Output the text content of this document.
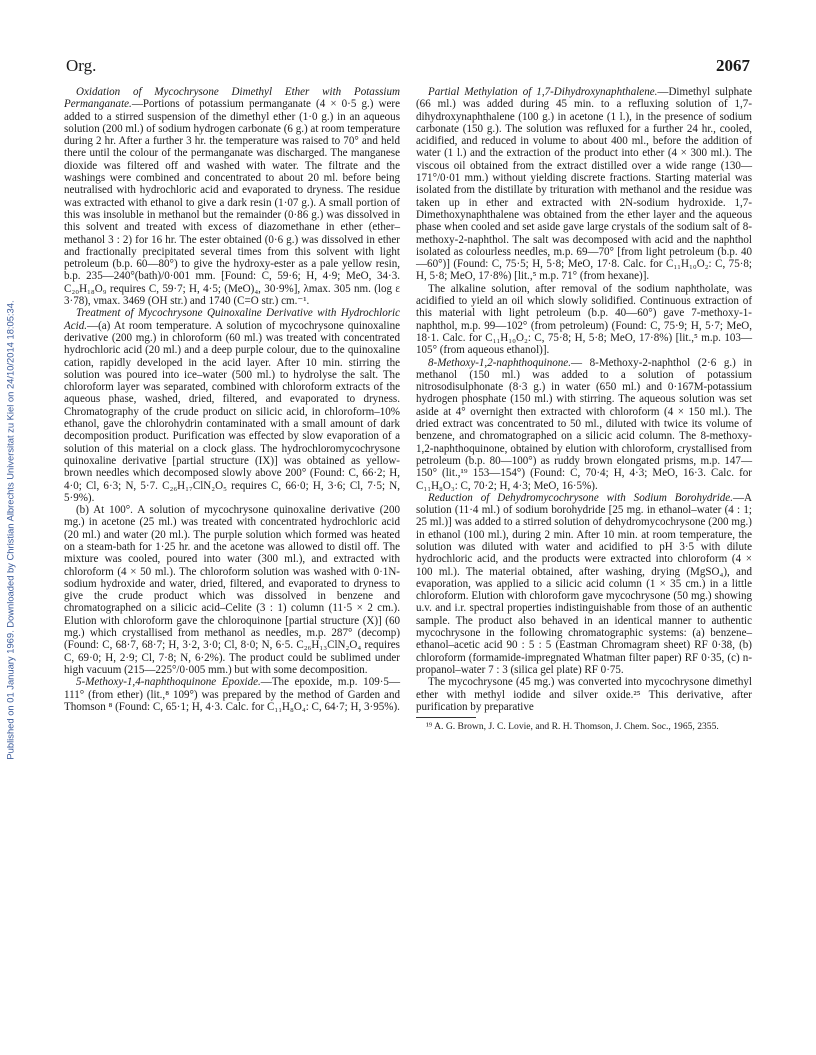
Org.	2067
Published on 01 January 1969. Downloaded by Christian Albrechts Universitat zu Kiel on 24/10/2014 18:05:34.

Oxidation of Mycochrysone Dimethyl Ether with Potassium Permanganate.—Portions of potassium permanganate (4 × 0·5 g.) were added to a stirred suspension of the dimethyl ether (1·0 g.) in an aqueous solution (200 ml.) of sodium hydrogen carbonate (6 g.) at room temperature during 2 hr. After a further 3 hr. the temperature was raised to 70° and held there until the colour of the permanganate was discharged. The manganese dioxide was filtered off and washed with water. The filtrate and the washings were combined and concentrated to about 20 ml. before being neutralised with hydrochloric acid and evaporated to dryness. The residue was extracted with ethanol to give a dark resin (1·07 g.). A small portion of this was insoluble in methanol but the remainder (0·86 g.) was dissolved in this solvent and treated with excess of diazomethane in ether (ether–methanol 3 : 2) for 16 hr. The ester obtained (0·6 g.) was dissolved in ether and fractionally precipitated several times from this solvent with light petroleum (b.p. 60—80°) to give the hydroxy-ester as a pale yellow resin, b.p. 235—240°(bath)/0·001 mm. [Found: C, 59·6; H, 4·9; MeO, 34·3. C₂₀H₁₈O₉ requires C, 59·7; H, 4·5; (MeO)₄, 30·9%], λmax. 305 nm. (log ε 3·78), νmax. 3469 (OH str.) and 1740 (C=O str.) cm.⁻¹.

Treatment of Mycochrysone Quinoxaline Derivative with Hydrochloric Acid.—(a) At room temperature. A solution of mycochrysone quinoxaline derivative (200 mg.) in chloroform (60 ml.) was treated with concentrated hydrochloric acid (20 ml.) and a deep purple colour, due to the quinoxaline cation, rapidly developed in the acid layer. After 10 min. stirring the solution was poured into ice–water (500 ml.) to hydrolyse the salt. The chloroform layer was separated, combined with chloroform extracts of the aqueous phase, washed, dried, filtered, and evaporated to dryness. Chromatography of the crude product on silicic acid, in chloroform–10% ethanol, gave the chlorohydrin contaminated with a small amount of dark decomposition product. Purification was effected by slow evaporation of a solution of this material on a clock glass. The hydrochloromycochrysone quinoxaline derivative [partial structure (IX)] was obtained as yellow-brown needles which decomposed slowly above 200° (Found: C, 66·2; H, 4·0; Cl, 6·3; N, 5·7. C₂₆H₁₇ClN₂O₅ requires C, 66·0; H, 3·6; Cl, 7·5; N, 5·9%).

(b) At 100°. A solution of mycochrysone quinoxaline derivative (200 mg.) in acetone (25 ml.) was treated with concentrated hydrochloric acid (20 ml.) and water (20 ml.). The purple solution which formed was heated on a steam-bath for 1·25 hr. and the acetone was allowed to distil off. The mixture was cooled, poured into water (300 ml.), and extracted with chloroform (4 × 50 ml.). The chloroform solution was washed with 0·1N-sodium hydroxide and water, dried, filtered, and evaporated to dryness to give the crude product which was dissolved in benzene and chromatographed on a silicic acid–Celite (3 : 1) column (11·5 × 2 cm.). Elution with chloroform gave the chloroquinone [partial structure (X)] (60 mg.) which crystallised from methanol as needles, m.p. 287° (decomp) (Found: C, 68·7, 68·7; H, 3·2, 3·0; Cl, 8·0; N, 6·5. C₂₆H₁₃ClN₂O₄ requires C, 69·0; H, 2·9; Cl, 7·8; N, 6·2%). The product could be sublimed under high vacuum (215—225°/0·005 mm.) but with some decomposition.

5-Methoxy-1,4-naphthoquinone Epoxide.—The epoxide, m.p. 109·5—111° (from ether) (lit.,⁸ 109°) was prepared by the method of Garden and Thomson ⁸ (Found: C, 65·1; H, 4·3. Calc. for C₁₁H₈O₄: C, 64·7; H, 3·95%).

Partial Methylation of 1,7-Dihydroxynaphthalene.—Dimethyl sulphate (66 ml.) was added during 45 min. to a refluxing solution of 1,7-dihydroxynaphthalene (100 g.) in acetone (1 l.), in the presence of sodium carbonate (150 g.). The solution was refluxed for a further 24 hr., cooled, acidified, and reduced in volume to about 400 ml., before the addition of water (1 l.) and the extraction of the product into ether (4 × 300 ml.). The viscous oil obtained from the extract distilled over a wide range (130—171°/0·01 mm.) without yielding discrete fractions. Starting material was isolated from the distillate by trituration with methanol and the residue was taken up in ether and extracted with 2N-sodium hydroxide. 1,7-Dimethoxynaphthalene was obtained from the ether layer and the aqueous phase when cooled and set aside gave large crystals of the sodium salt of 8-methoxy-2-naphthol. The salt was decomposed with acid and the naphthol isolated as colourless needles, m.p. 69—70° [from light petroleum (b.p. 40—60°)] (Found: C, 75·5; H, 5·8; MeO, 17·8. Calc. for C₁₁H₁₀O₂: C, 75·8; H, 5·8; MeO, 17·8%) [lit.,⁵ m.p. 71° (from hexane)].

The alkaline solution, after removal of the sodium naphtholate, was acidified to yield an oil which slowly solidified. Continuous extraction of this material with light petroleum (b.p. 40—60°) gave 7-methoxy-1-naphthol, m.p. 99—102° (from petroleum) (Found: C, 75·9; H, 5·7; MeO, 18·1. Calc. for C₁₁H₁₀O₂: C, 75·8; H, 5·8; MeO, 17·8%) [lit.,⁵ m.p. 103—105° (from aqueous ethanol)].

8-Methoxy-1,2-naphthoquinone.— 8-Methoxy-2-naphthol (2·6 g.) in methanol (150 ml.) was added to a solution of potassium nitrosodisulphonate (8·3 g.) in water (650 ml.) and 0·167M-potassium hydrogen phosphate (150 ml.) with stirring. The aqueous solution was set aside at 4° overnight then extracted with chloroform (4 × 150 ml.). The dried extract was concentrated to 50 ml., diluted with twice its volume of benzene, and chromatographed on a silicic acid column. The 8-methoxy-1,2-naphthoquinone, obtained by elution with chloroform, crystallised from petroleum (b.p. 80—100°) as ruddy brown elongated prisms, m.p. 147—150° (lit.,¹⁹ 153—154°) (Found: C, 70·4; H, 4·3; MeO, 16·3. Calc. for C₁₁H₈O₃: C, 70·2; H, 4·3; MeO, 16·5%).

Reduction of Dehydromycochrysone with Sodium Borohydride.—A solution (11·4 ml.) of sodium borohydride [25 mg. in ethanol–water (4 : 1; 25 ml.)] was added to a stirred solution of dehydromycochrysone (200 mg.) in ethanol (100 ml.), during 2 min. After 10 min. at room temperature, the solution was diluted with water and acidified to pH 3·5 with dilute hydrochloric acid, and the products were extracted into chloroform (4 × 100 ml.). The material obtained, after washing, drying (MgSO₄), and evaporation, was applied to a silicic acid column (1 × 35 cm.) in a little chloroform. Elution with chloroform gave mycochrysone (50 mg.) showing u.v. and i.r. spectral properties indistinguishable from those of an authentic sample. The product also behaved in an identical manner to authentic mycochrysone in the following chromatographic systems: (a) benzene–ethanol–acetic acid 90 : 5 : 5 (Eastman Chromagram sheet) RF 0·38, (b) chloroform (formamide-impregnated Whatman filter paper) RF 0·35, (c) n-propanol–water 7 : 3 (silica gel plate) RF 0·75.

The mycochrysone (45 mg.) was converted into mycochrysone dimethyl ether with methyl iodide and silver oxide.²⁵ This derivative, after purification by preparative

¹⁹ A. G. Brown, J. C. Lovie, and R. H. Thomson, J. Chem. Soc., 1965, 2355.
